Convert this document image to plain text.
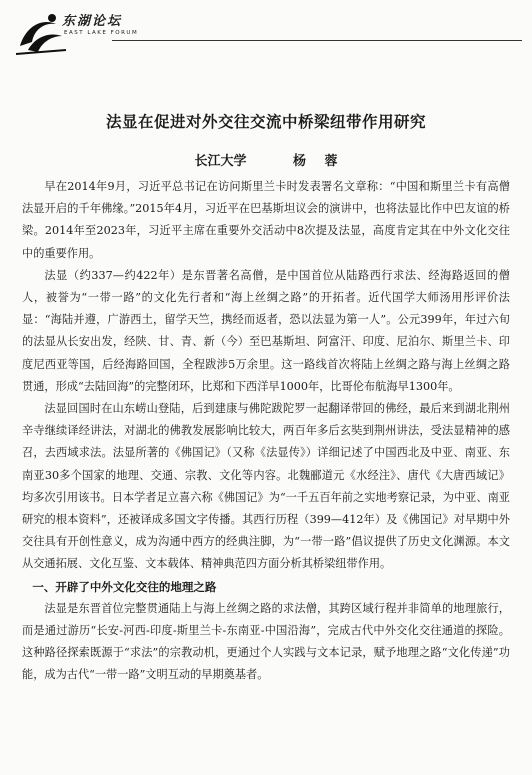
东湖论坛
EAST LAKE FORUM
法显在促进对外交往交流中桥梁纽带作用研究
长江大学	杨 蓉

早在2014年9月，习近平总书记在访问斯里兰卡时发表署名文章称：“中国和斯里兰卡有高僧法显开启的千年佛缘。”2015年4月，习近平在巴基斯坦议会的演讲中，也将法显比作中巴友谊的桥梁。2014年至2023年，习近平主席在重要外交活动中8次提及法显，高度肯定其在中外文化交往中的重要作用。

法显（约337—约422年）是东晋著名高僧，是中国首位从陆路西行求法、经海路返回的僧人，被誉为“一带一路”的文化先行者和“海上丝绸之路”的开拓者。近代国学大师汤用彤评价法显：“海陆并遵，广游西土，留学天竺，携经而返者，恐以法显为第一人”。公元399年，年过六旬的法显从长安出发，经陕、甘、青、新（今）至巴基斯坦、阿富汗、印度、尼泊尔、斯里兰卡、印度尼西亚等国，后经海路回国，全程跋涉5万余里。这一路线首次将陆上丝绸之路与海上丝绸之路贯通，形成“去陆回海”的完整闭环，比郑和下西洋早1000年，比哥伦布航海早1300年。

法显回国时在山东崂山登陆，后到建康与佛陀跋陀罗一起翻译带回的佛经，最后来到湖北荆州辛寺继续译经讲法，对湖北的佛教发展影响比较大，两百年多后玄奘到荆州讲法，受法显精神的感召，去西域求法。法显所著的《佛国记》（又称《法显传》）详细记述了中国西北及中亚、南亚、东南亚30多个国家的地理、交通、宗教、文化等内容。北魏郦道元《水经注》、唐代《大唐西域记》均多次引用该书。日本学者足立喜六称《佛国记》为“一千五百年前之实地考察记录，为中亚、南亚研究的根本资料”，还被译成多国文字传播。其西行历程（399—412年）及《佛国记》对早期中外交往具有开创性意义，成为沟通中西方的经典注脚，为“一带一路”倡议提供了历史文化渊源。本文从交通拓展、文化互鉴、文本载体、精神典范四方面分析其桥梁纽带作用。

一、开辟了中外文化交往的地理之路

法显是东晋首位完整贯通陆上与海上丝绸之路的求法僧，其跨区域行程并非简单的地理旅行，而是通过游历“长安-河西-印度-斯里兰卡-东南亚-中国沿海”，完成古代中外交化交往通道的探险。这种路径探索既源于“求法”的宗教动机，更通过个人实践与文本记录，赋予地理之路“文化传递”功能，成为古代“一带一路”文明互动的早期奠基者。
